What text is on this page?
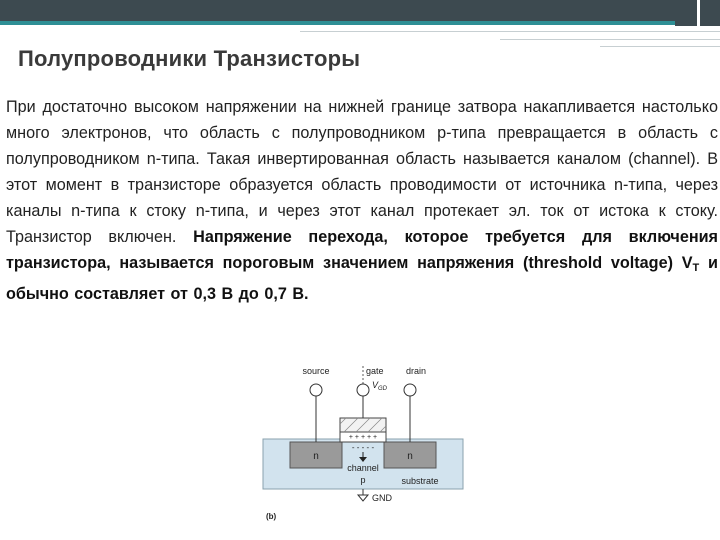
Полупроводники Транзисторы

При достаточно высоком напряжении на нижней границе затвора накапливается настолько много электронов, что область с полупроводником р-типа превращается в область с полупроводником n-типа. Такая инвертированная область называется каналом (channel). В этот момент в транзисторе образуется область проводимости от источника n-типа, через каналы n-типа к стоку n-типа, и через этот канал протекает эл. ток от истока к стоку. Транзистор включен. Напряжение перехода, которое требуется для включения транзистора, называется пороговым значением напряжения (threshold voltage) $V_T$ и обычно составляет от 0,3 В до 0,7 В.

+ + + + +
- - - - -
source	gate
$V_{GD}$
drain
n	n
channel
p	substrate
GND
(b)
